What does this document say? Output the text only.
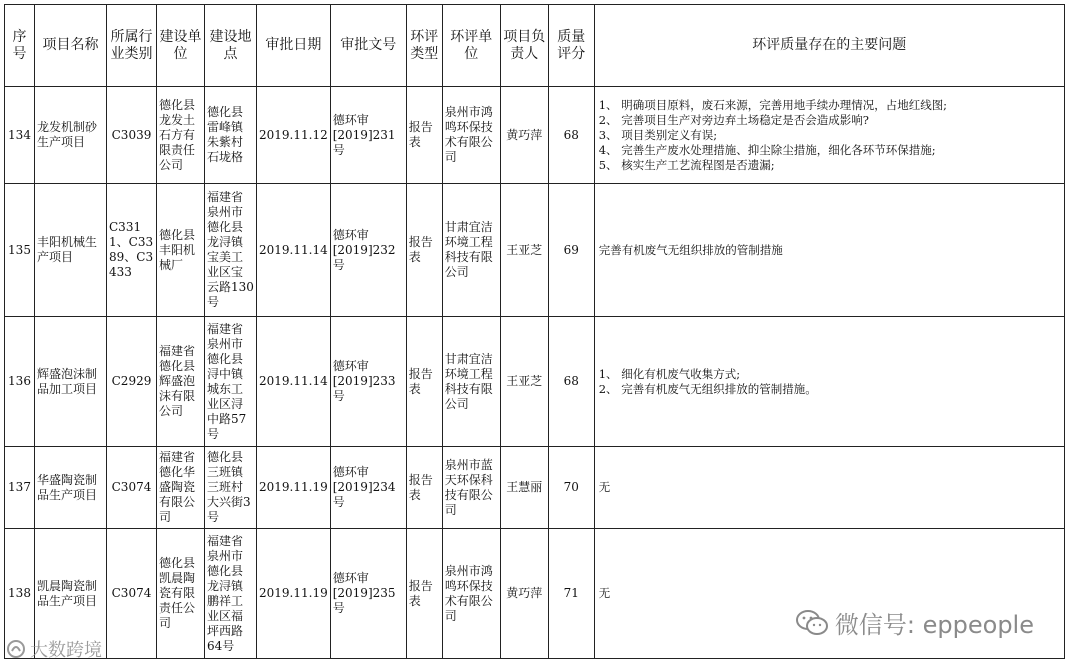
序号	项目名称	所属行业类别	建设单位	建设地点	审批日期	审批文号	环评类型	环评单位	项目负责人	质量评分	环评质量存在的主要问题
134	龙发机制砂生产项目	C3039	德化县龙发土石方有限责任公司	德化县雷峰镇朱紫村石垅格	2019.11.12	德环审[2019]231号	报告表	泉州市鸿鸣环保技术有限公司	黄巧萍	68	1、 明确项目原料，废石来源，完善用地手续办理情况，占地红线图;
2、 完善项目生产对旁边弃土场稳定是否会造成影响?
3、 项目类别定义有误;
4、 完善生产废水处理措施、抑尘除尘措施，细化各环节环保措施;
5、 核实生产工艺流程图是否遗漏;

135	丰阳机械生产项目	C3311、C3389、C3433	德化县丰阳机械厂	福建省泉州市德化县龙浔镇宝美工业区宝云路130号	2019.11.14	德环审[2019]232号	报告表	甘肃宜洁环境工程科技有限公司	王亚芝	69	完善有机废气无组织排放的管制措施

136	辉盛泡沫制品加工项目	C2929	福建省德化县辉盛泡沫有限公司	福建省泉州市德化县浔中镇城东工业区浔中路57号	2019.11.14	德环审[2019]233号	报告表	甘肃宜洁环境工程科技有限公司	王亚芝	68	1、 细化有机废气收集方式;
2、 完善有机废气无组织排放的管制措施。

137	华盛陶瓷制品生产项目	C3074	福建省德化华盛陶瓷有限公司	德化县三班镇三班村大兴街3号	2019.11.19	德环审[2019]234号	报告表	泉州市蓝天环保科技有限公司	王慧丽	70	无

138	凯晨陶瓷制品生产项目	C3074	德化县凯晨陶瓷有限责任公司	福建省泉州市德化县龙浔镇鹏祥工业区福坪西路64号	2019.11.19	德环审[2019]235号	报告表	泉州市鸿鸣环保技术有限公司	黄巧萍	71	无
微信号: eppeople
大数跨境
